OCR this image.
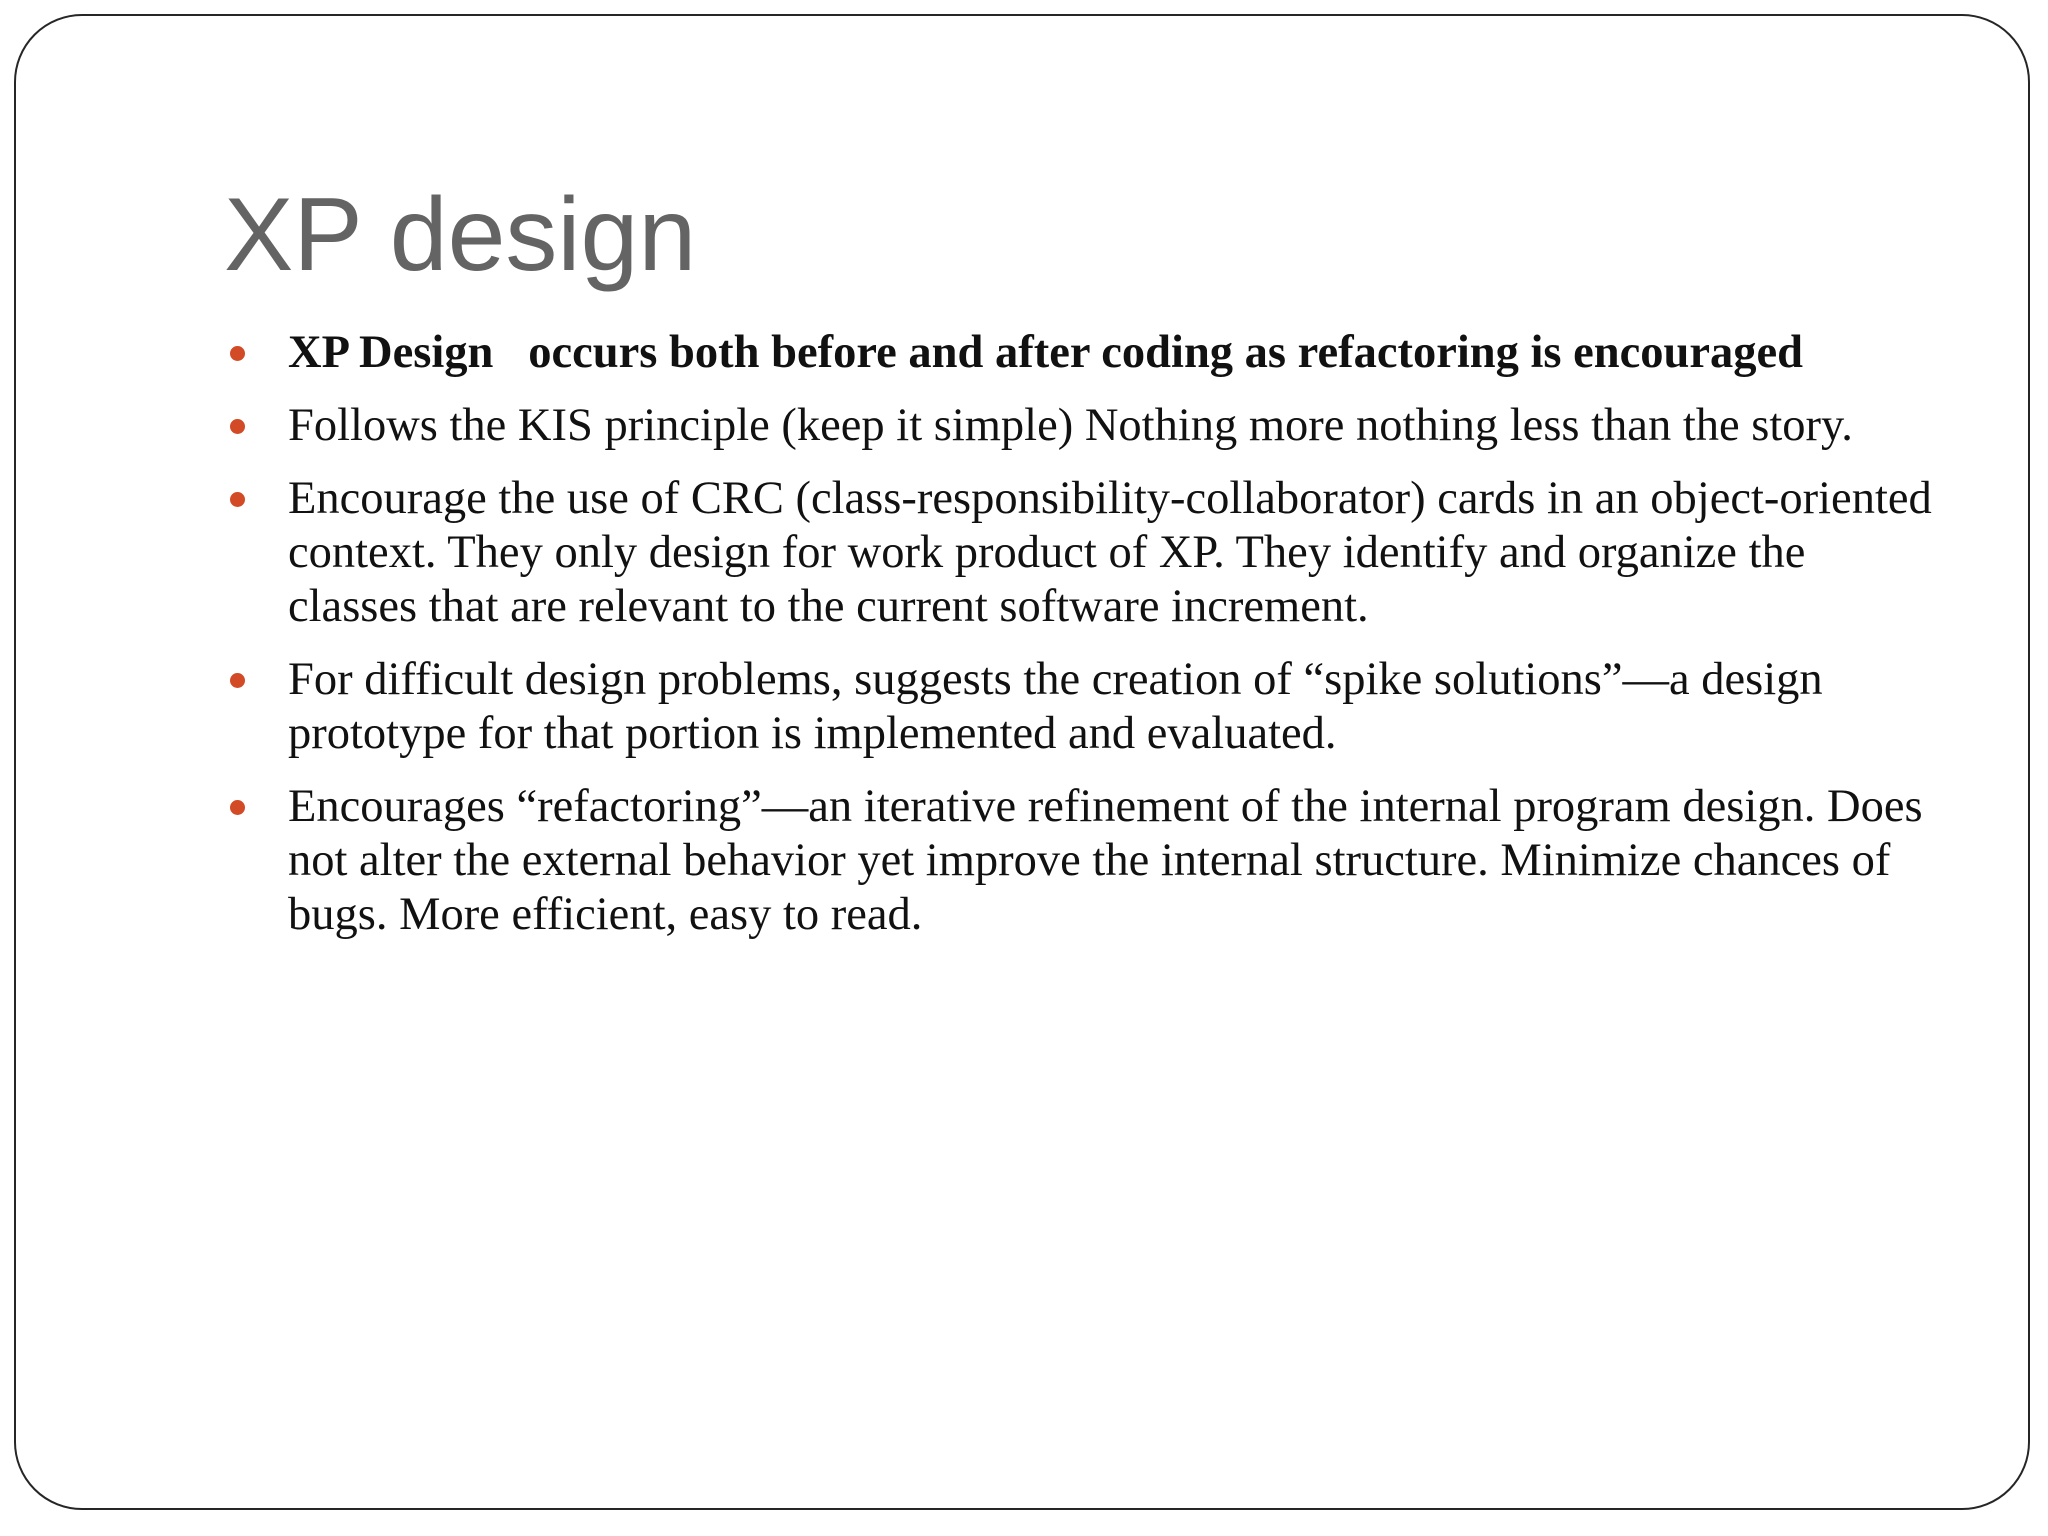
XP design
XP Design   occurs both before and after coding as refactoring is encouraged
Follows the KIS principle (keep it simple) Nothing more nothing less than the story.
Encourage the use of CRC (class-responsibility-collaborator) cards in an object-oriented context. They only design for work product of XP. They identify and organize the classes that are relevant to the current software increment.
For difficult design problems, suggests the creation of “spike solutions”—a design prototype for that portion is implemented and evaluated.
Encourages “refactoring”—an iterative refinement of the internal program design. Does not alter the external behavior yet improve the internal structure. Minimize chances of bugs. More efficient, easy to read.
